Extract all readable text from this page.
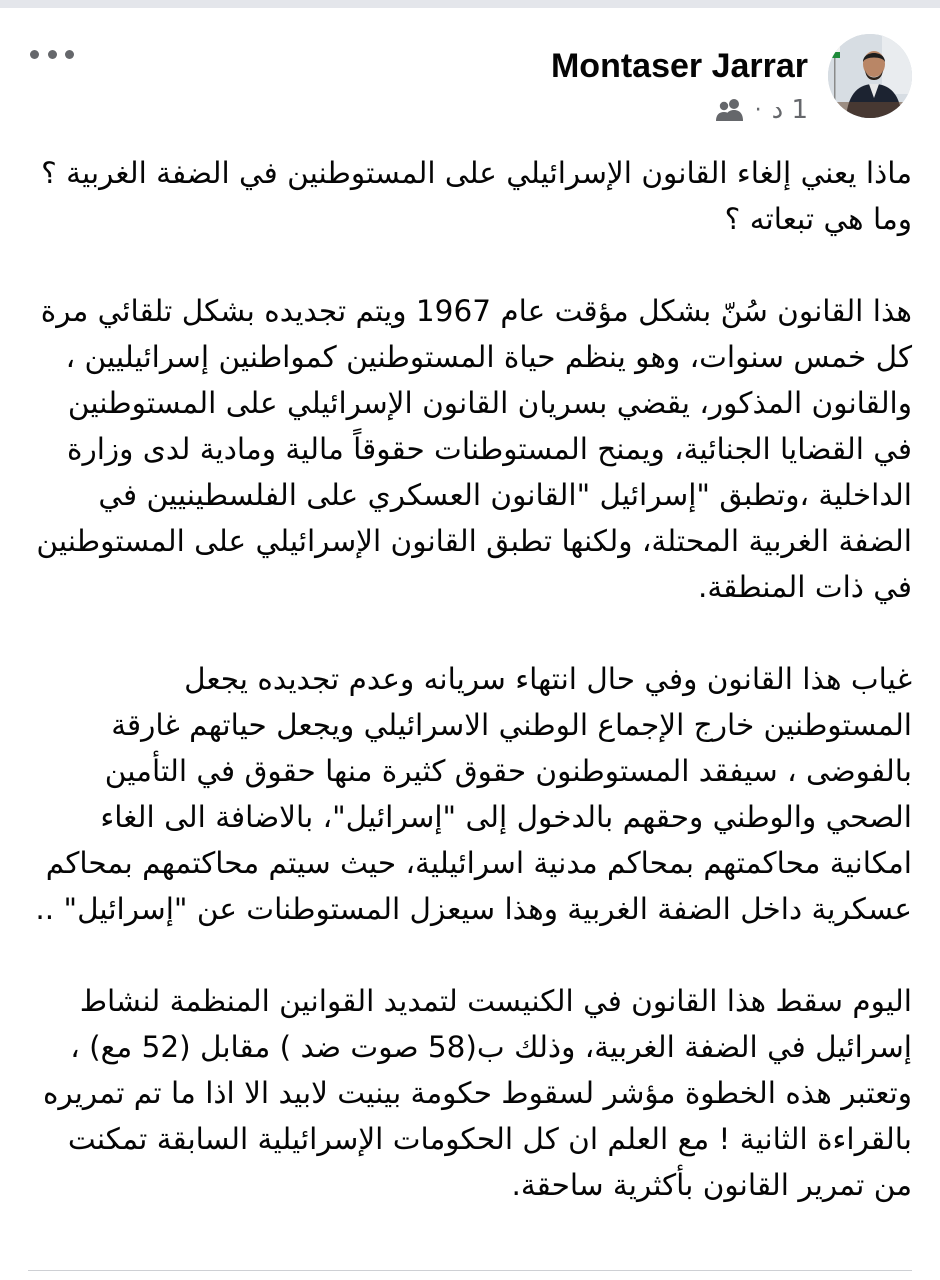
Montaser Jarrar
· 1 د

ماذا يعني إلغاء القانون الإسرائيلي على المستوطنين في الضفة الغربية ؟ وما هي تبعاته ؟

هذا القانون سُنّ بشكل مؤقت عام 1967 ويتم تجديده بشكل تلقائي مرة كل خمس سنوات، وهو ينظم حياة المستوطنين كمواطنين إسرائيليين ، والقانون المذكور، يقضي بسريان القانون الإسرائيلي على المستوطنين في القضايا الجنائية، ويمنح المستوطنات حقوقاً مالية ومادية لدى وزارة الداخلية ،وتطبق "إسرائيل "القانون العسكري على الفلسطينيين في الضفة الغربية المحتلة، ولكنها تطبق القانون الإسرائيلي على المستوطنين في ذات المنطقة.

غياب هذا القانون وفي حال انتهاء سريانه وعدم تجديده يجعل المستوطنين خارج الإجماع الوطني الاسرائيلي ويجعل حياتهم غارقة بالفوضى ، سيفقد المستوطنون حقوق كثيرة منها حقوق في التأمين الصحي والوطني وحقهم بالدخول إلى "إسرائيل"، بالاضافة الى الغاء امكانية محاكمتهم بمحاكم مدنية اسرائيلية، حيث سيتم محاكتمهم بمحاكم عسكرية داخل الضفة الغربية وهذا سيعزل المستوطنات عن "إسرائيل" ..

اليوم سقط هذا القانون في الكنيست لتمديد القوانين المنظمة لنشاط إسرائيل في الضفة الغربية، وذلك ب(58 صوت ضد ) مقابل (52 مع) ، وتعتبر هذه الخطوة مؤشر لسقوط حكومة بينيت لابيد الا اذا ما تم تمريره بالقراءة الثانية ! مع العلم ان كل الحكومات الإسرائيلية السابقة تمكنت من تمرير القانون بأكثرية ساحقة.
